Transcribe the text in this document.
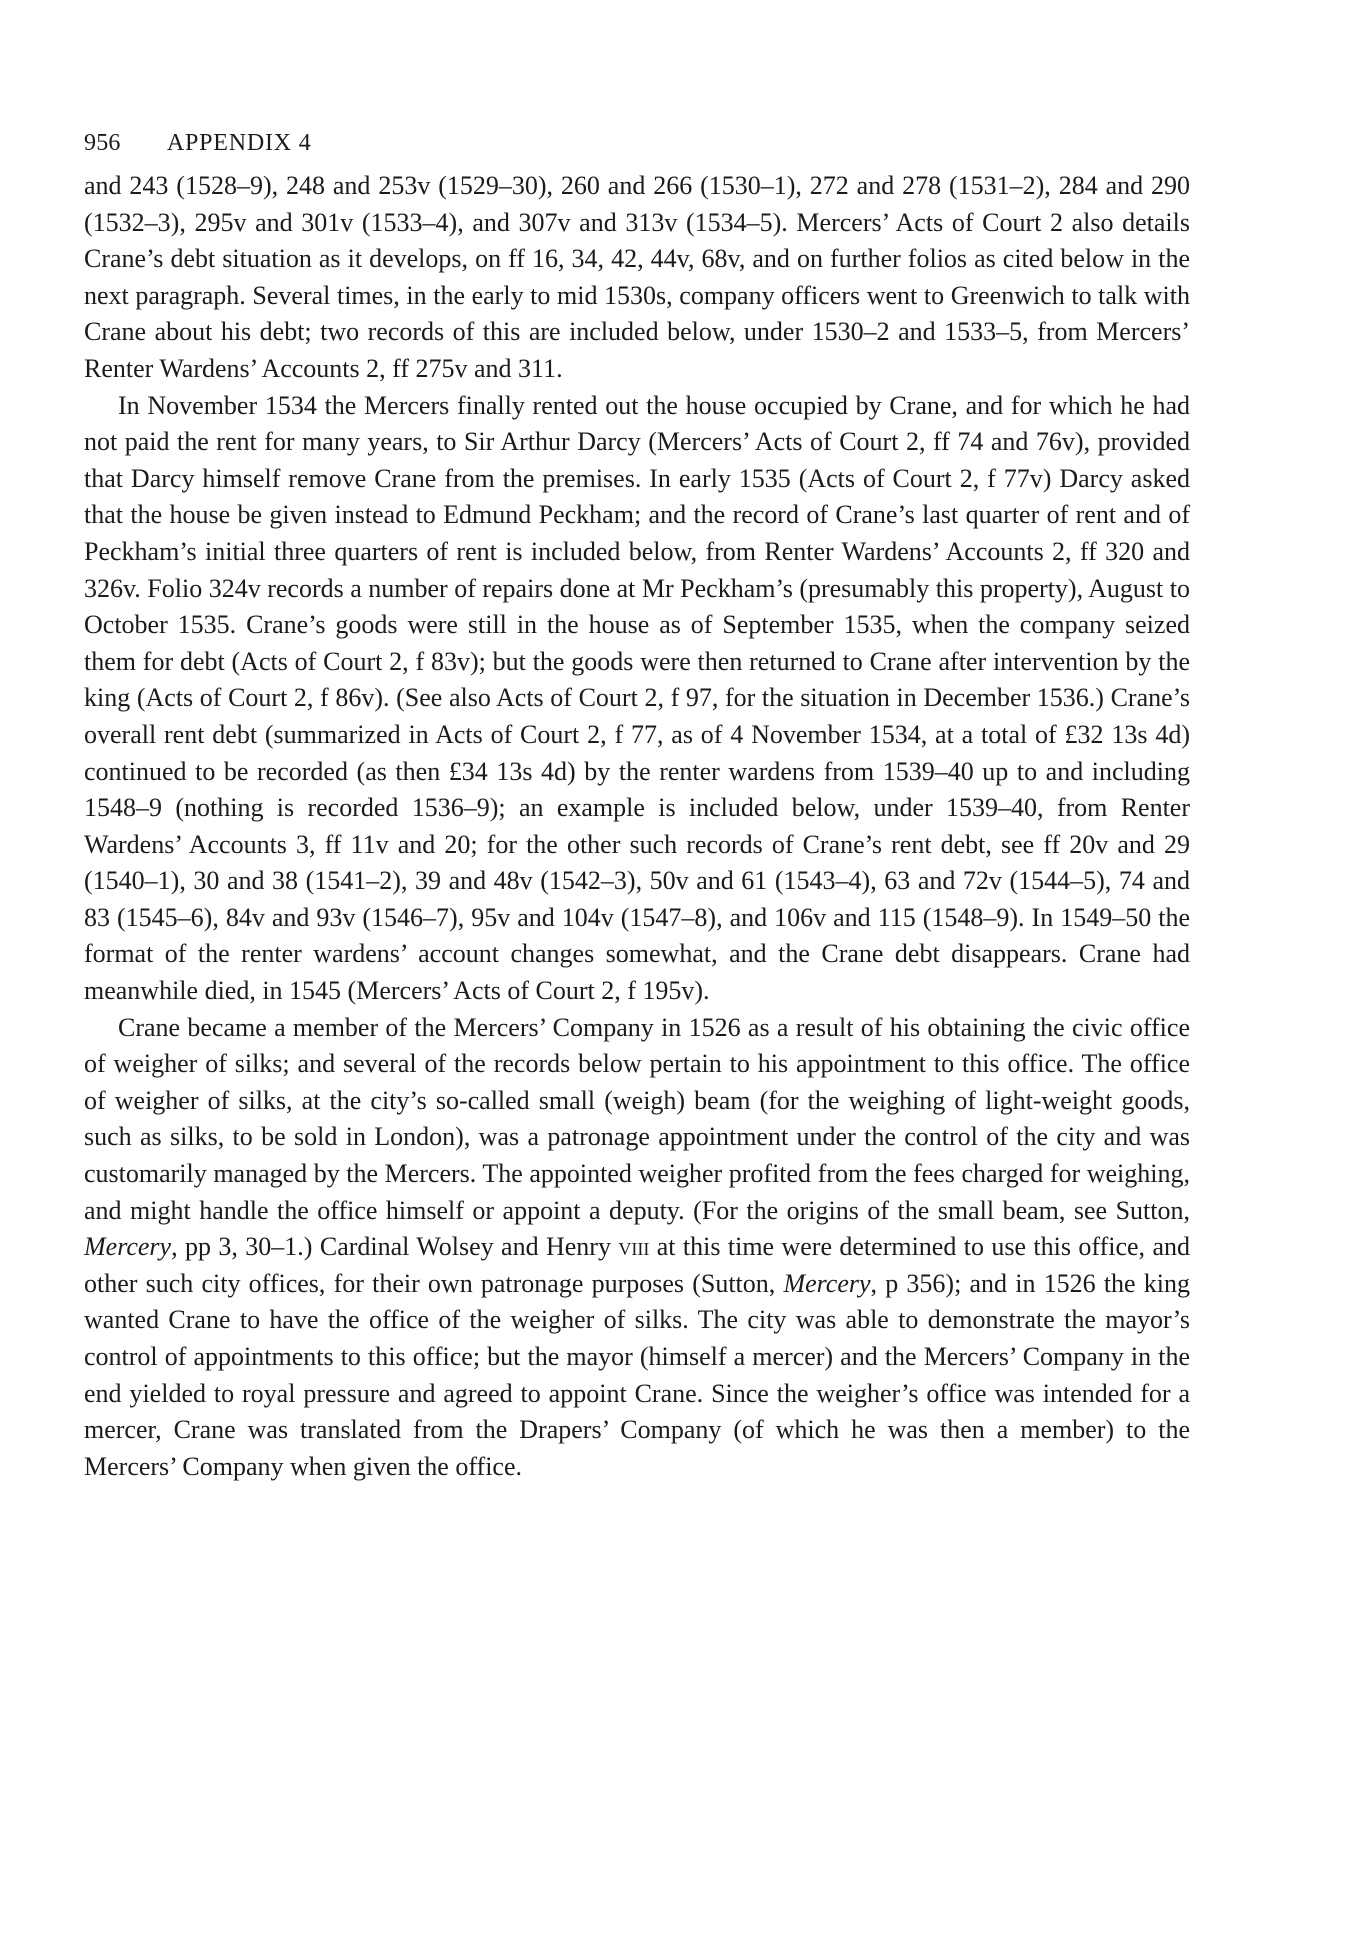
956 APPENDIX 4

and 243 (1528–9), 248 and 253v (1529–30), 260 and 266 (1530–1), 272 and 278 (1531–2), 284 and 290 (1532–3), 295v and 301v (1533–4), and 307v and 313v (1534–5). Mercers’ Acts of Court 2 also details Crane’s debt situation as it develops, on ff 16, 34, 42, 44v, 68v, and on further folios as cited below in the next paragraph. Several times, in the early to mid 1530s, company officers went to Greenwich to talk with Crane about his debt; two records of this are included below, under 1530–2 and 1533–5, from Mercers’ Renter Wardens’ Accounts 2, ff 275v and 311.

In November 1534 the Mercers finally rented out the house occupied by Crane, and for which he had not paid the rent for many years, to Sir Arthur Darcy (Mercers’ Acts of Court 2, ff 74 and 76v), provided that Darcy himself remove Crane from the premises. In early 1535 (Acts of Court 2, f 77v) Darcy asked that the house be given instead to Edmund Peckham; and the record of Crane’s last quarter of rent and of Peckham’s initial three quarters of rent is included below, from Renter Wardens’ Accounts 2, ff 320 and 326v. Folio 324v records a number of repairs done at Mr Peckham’s (presumably this property), August to October 1535. Crane’s goods were still in the house as of September 1535, when the company seized them for debt (Acts of Court 2, f 83v); but the goods were then returned to Crane after intervention by the king (Acts of Court 2, f 86v). (See also Acts of Court 2, f 97, for the situation in December 1536.) Crane’s overall rent debt (summarized in Acts of Court 2, f 77, as of 4 November 1534, at a total of £32 13s 4d) continued to be recorded (as then £34 13s 4d) by the renter wardens from 1539–40 up to and including 1548–9 (nothing is recorded 1536–9); an example is included below, under 1539–40, from Renter Wardens’ Accounts 3, ff 11v and 20; for the other such records of Crane’s rent debt, see ff 20v and 29 (1540–1), 30 and 38 (1541–2), 39 and 48v (1542–3), 50v and 61 (1543–4), 63 and 72v (1544–5), 74 and 83 (1545–6), 84v and 93v (1546–7), 95v and 104v (1547–8), and 106v and 115 (1548–9). In 1549–50 the format of the renter wardens’ account changes somewhat, and the Crane debt disappears. Crane had meanwhile died, in 1545 (Mercers’ Acts of Court 2, f 195v).

Crane became a member of the Mercers’ Company in 1526 as a result of his obtaining the civic office of weigher of silks; and several of the records below pertain to his appointment to this office. The office of weigher of silks, at the city’s so-called small (weigh) beam (for the weighing of light-weight goods, such as silks, to be sold in London), was a patronage appointment under the control of the city and was customarily managed by the Mercers. The appointed weigher profited from the fees charged for weighing, and might handle the office himself or appoint a deputy. (For the origins of the small beam, see Sutton, Mercery, pp 3, 30–1.) Cardinal Wolsey and Henry viii at this time were determined to use this office, and other such city offices, for their own patronage purposes (Sutton, Mercery, p 356); and in 1526 the king wanted Crane to have the office of the weigher of silks. The city was able to demonstrate the mayor’s control of appointments to this office; but the mayor (himself a mercer) and the Mercers’ Company in the end yielded to royal pressure and agreed to appoint Crane. Since the weigher’s office was intended for a mercer, Crane was translated from the Drapers’ Company (of which he was then a member) to the Mercers’ Company when given the office.
